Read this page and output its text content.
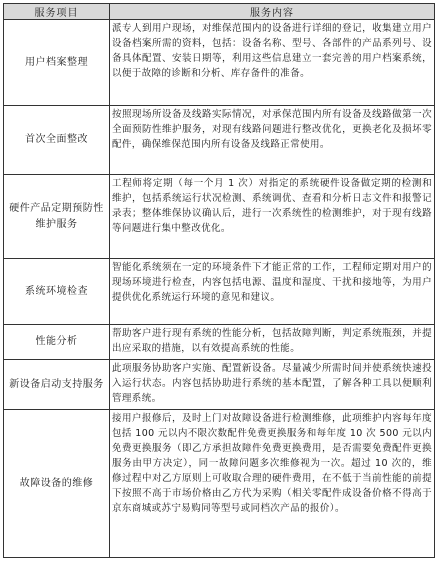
服务项目	服务内容
用户档案整理	派专人到用户现场，对维保范围内的设备进行详细的登记，收集建立用户设备档案所需的资料，包括：设备名称、型号、各部件的产品系列号、设备具体配置、安装日期等，利用这些信息建立一套完善的用户档案系统，以便于故障的诊断和分析、库存备件的准备。
首次全面整改	按照现场所设备及线路实际情况，对承保范围内所有设备及线路做第一次全面预防性维护服务，对现有线路问题进行整改优化，更换老化及损坏零配件，确保维保范围内所有设备及线路正常使用。
硬件产品定期预防性维护服务	工程师将定期（每一个月 1 次）对指定的系统硬件设备做定期的检测和维护，包括系统运行状况检测、系统调优、查看和分析日志文件和报警记录表；整体维保协议确认后，进行一次系统性的检测维护，对于现有线路等问题进行集中整改优化。
系统环境检查	智能化系统须在一定的环境条件下才能正常的工作，工程师定期对用户的现场环境进行检查，内容包括电源、温度和湿度、干扰和接地等，为用户提供优化系统运行环境的意见和建议。
性能分析	帮助客户进行现有系统的性能分析，包括故障判断，判定系统瓶颈，并提出应采取的措施，以有效提高系统的性能。
新设备启动支持服务	此项服务协助客户实施、配置新设备。尽量减少所需时间并使系统快速投入运行状态。内容包括协助进行系统的基本配置，了解各种工具以便顺利管理系统。
故障设备的维修	接用户报修后，及时上门对故障设备进行检测维修，此项维护内容每年度包括 100 元以内不限次数配件免费更换服务和每年度 10 次 500 元以内免费更换服务（即乙方承担故障件免费更换费用，是否需要免费配件更换服务由甲方决定），同一故障问题多次维修视为一次。超过 10 次的，维修过程中对乙方原则上可收取合理的硬件费用，在不低于当前性能的前提下按照不高于市场价格由乙方代为采购（相关零配件成设备价格不得高于京东商城或苏宁易购同等型号或同档次产品的报价）。
